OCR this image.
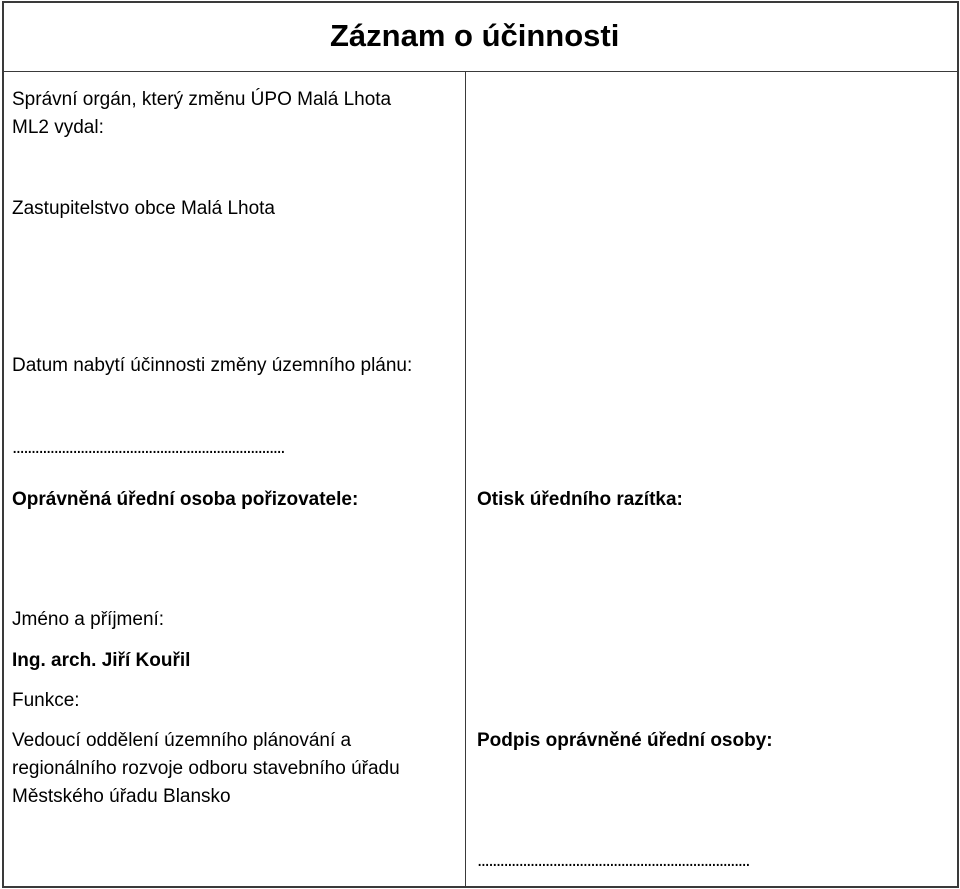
Záznam o účinnosti
Správní orgán, který změnu ÚPO Malá Lhota
ML2 vydal:
Zastupitelstvo obce Malá Lhota
Datum nabytí účinnosti změny územního plánu:
........................................................................
Oprávněná úřední osoba pořizovatele:
Jméno a příjmení:
Ing. arch. Jiří Kouřil
Funkce:
Vedoucí oddělení územního plánování a
regionálního rozvoje odboru stavebního úřadu
Městského úřadu Blansko
Otisk úředního razítka:
Podpis oprávněné úřední osoby:
........................................................................
